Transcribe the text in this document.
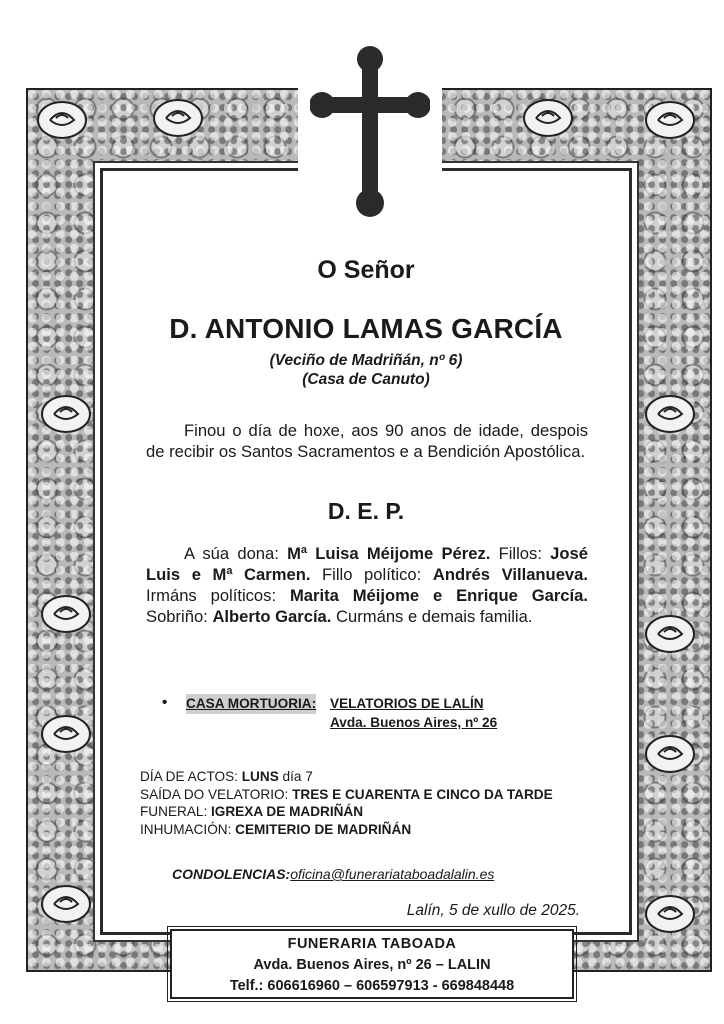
O Señor
D. ANTONIO LAMAS GARCÍA
(Veciño de Madriñán, nº 6)
(Casa de Canuto)
Finou o día de hoxe, aos 90 anos de idade, despois de recibir os Santos Sacramentos e a Bendición Apostólica.
D. E. P.
A súa dona: Mª Luisa Méijome Pérez. Fillos: José Luis e Mª Carmen. Fillo político: Andrés Villanueva. Irmáns políticos: Marita Méijome e Enrique García. Sobriño: Alberto García. Curmáns e demais familia.
• CASA MORTUORIA: VELATORIOS DE LALÍN
Avda. Buenos Aires, nº 26
DÍA DE ACTOS: LUNS día 7
SAÍDA DO VELATORIO: TRES E CUARENTA E CINCO DA TARDE
FUNERAL: IGREXA DE MADRIÑÁN
INHUMACIÓN: CEMITERIO DE MADRIÑÁN
CONDOLENCIAS:oficina@funerariataboadalalin.es
Lalín, 5 de xullo de 2025.
FUNERARIA TABOADA
Avda. Buenos Aires, nº 26 – LALIN
Telf.: 606616960 – 606597913 - 669848448
